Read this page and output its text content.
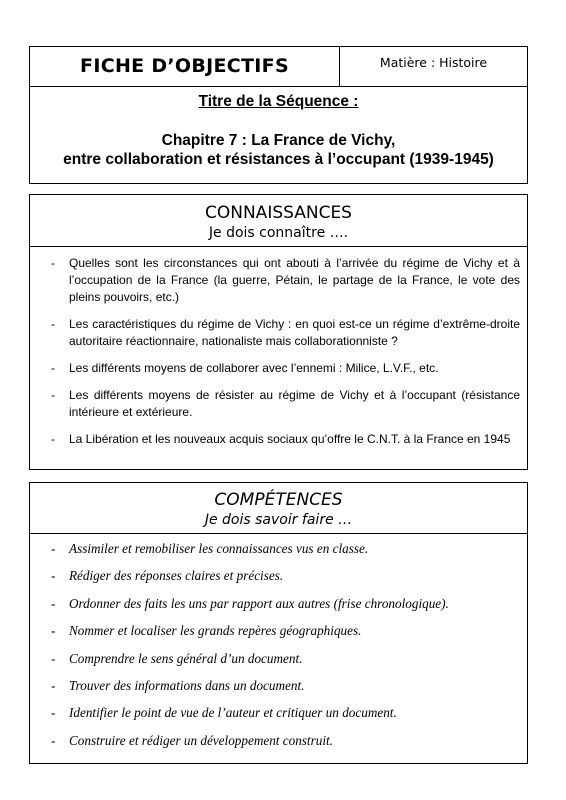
FICHE D’OBJECTIFS	Matière : Histoire
Titre de la Séquence :
Chapitre 7 : La France de Vichy,
entre collaboration et résistances à l’occupant (1939-1945)
CONNAISSANCES
Je dois connaître ….
- Quelles sont les circonstances qui ont abouti à l’arrivée du régime de Vichy et à l’occupation de la France (la guerre, Pétain, le partage de la France, le vote des pleins pouvoirs, etc.)
- Les caractéristiques du régime de Vichy : en quoi est-ce un régime d’extrême-droite autoritaire réactionnaire, nationaliste mais collaborationniste ?
- Les différents moyens de collaborer avec l’ennemi : Milice, L.V.F., etc.
- Les différents moyens de résister au régime de Vichy et à l’occupant (résistance intérieure et extérieure.
- La Libération et les nouveaux acquis sociaux qu’offre le C.N.T. à la France en 1945
COMPÉTENCES
Je dois savoir faire …
- Assimiler et remobiliser les connaissances vus en classe.
- Rédiger des réponses claires et précises.
- Ordonner des faits les uns par rapport aux autres (frise chronologique).
- Nommer et localiser les grands repères géographiques.
- Comprendre le sens général d’un document.
- Trouver des informations dans un document.
- Identifier le point de vue de l’auteur et critiquer un document.
- Construire et rédiger un développement construit.
